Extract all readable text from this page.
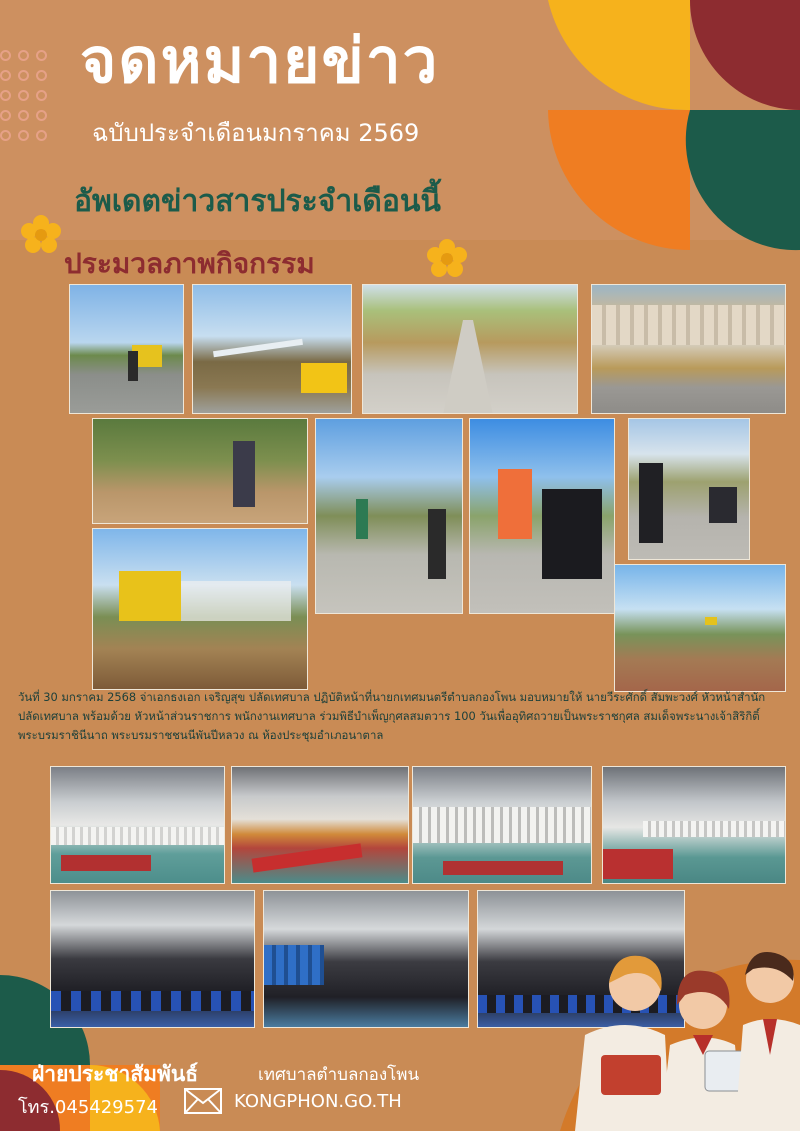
จดหมายข่าว
ฉบับประจำเดือนมกราคม 2569
อัพเดตข่าวสารประจำเดือนนี้
ประมวลภาพกิจกรรม
วันที่ 30 มกราคม 2568 จ่าเอกธงเอก เจริญสุข ปลัดเทศบาล ปฏิบัติหน้าที่นายกเทศมนตรีตำบลกองโพน มอบหมายให้ นายวีระศักดิ์ สัมพะวงศ์ หัวหน้าสำนักปลัดเทศบาล พร้อมด้วย หัวหน้าส่วนราชการ พนักงานเทศบาล ร่วมพิธีบำเพ็ญกุศลสมตวาร 100 วันเพื่ออุทิศถวายเป็นพระราชกุศล สมเด็จพระนางเจ้าสิริกิติ์ พระบรมราชินีนาถ พระบรมราชชนนีพันปีหลวง ณ ห้องประชุมอำเภอนาตาล
ฝ่ายประชาสัมพันธ์	เทศบาลตำบลกองโพน
โทร.045429574	KONGPHON.GO.TH
